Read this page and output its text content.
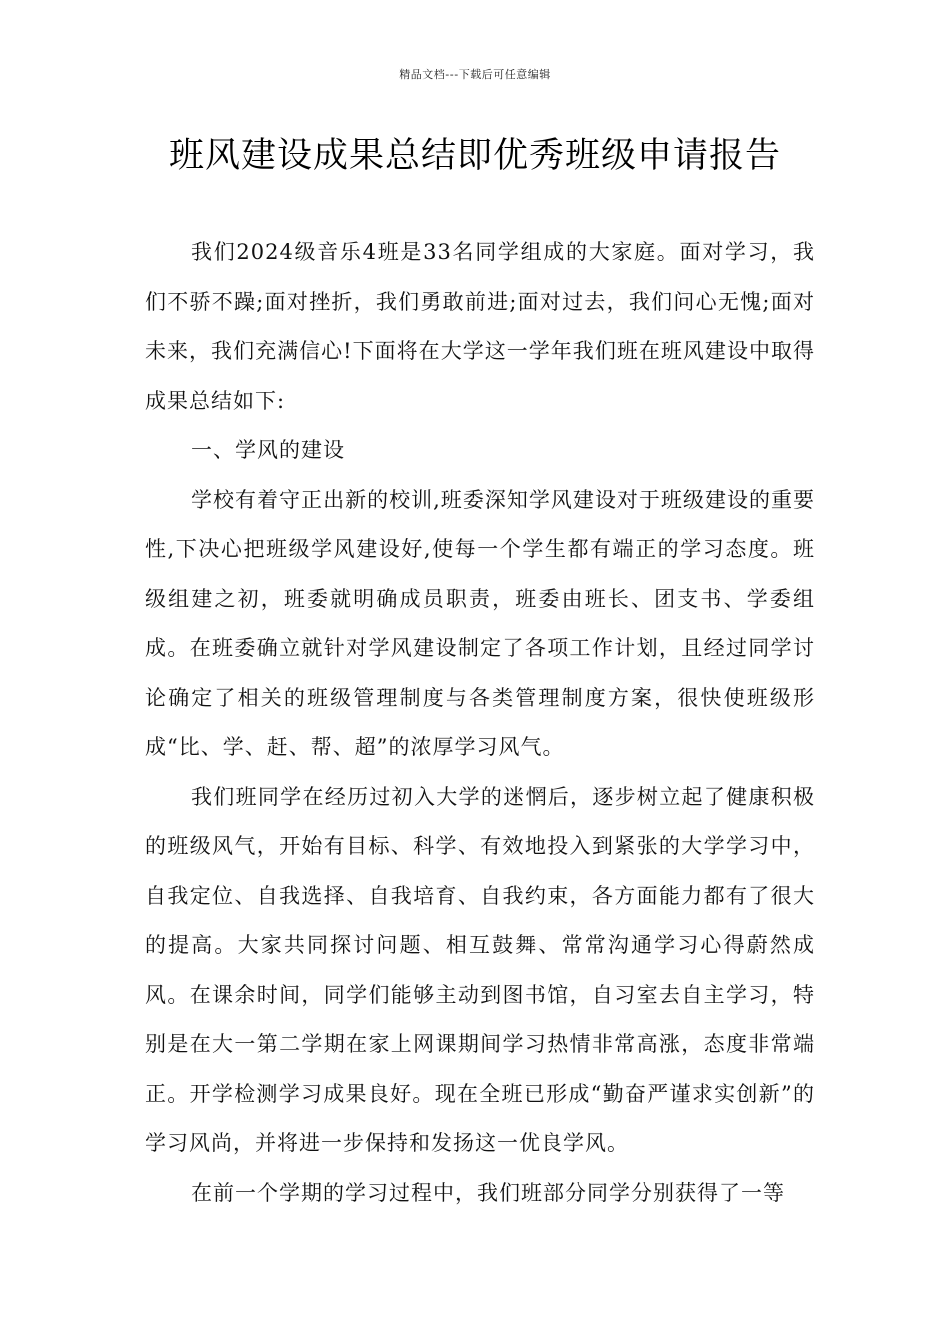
精品文档---下载后可任意编辑
班风建设成果总结即优秀班级申请报告

我们2024级音乐4班是33名同学组成的大家庭。面对学习，我们不骄不躁;面对挫折，我们勇敢前进;面对过去，我们问心无愧;面对未来，我们充满信心!下面将在大学这一学年我们班在班风建设中取得成果总结如下:

一、学风的建设

学校有着守正出新的校训,班委深知学风建设对于班级建设的重要性,下决心把班级学风建设好,使每一个学生都有端正的学习态度。班级组建之初，班委就明确成员职责，班委由班长、团支书、学委组成。在班委确立就针对学风建设制定了各项工作计划，且经过同学讨论确定了相关的班级管理制度与各类管理制度方案，很快使班级形成“比、学、赶、帮、超”的浓厚学习风气。

我们班同学在经历过初入大学的迷惘后，逐步树立起了健康积极的班级风气，开始有目标、科学、有效地投入到紧张的大学学习中，自我定位、自我选择、自我培育、自我约束，各方面能力都有了很大的提高。大家共同探讨问题、相互鼓舞、常常沟通学习心得蔚然成风。在课余时间，同学们能够主动到图书馆，自习室去自主学习，特别是在大一第二学期在家上网课期间学习热情非常高涨，态度非常端正。开学检测学习成果良好。现在全班已形成“勤奋严谨求实创新”的学习风尚，并将进一步保持和发扬这一优良学风。

在前一个学期的学习过程中，我们班部分同学分别获得了一等
